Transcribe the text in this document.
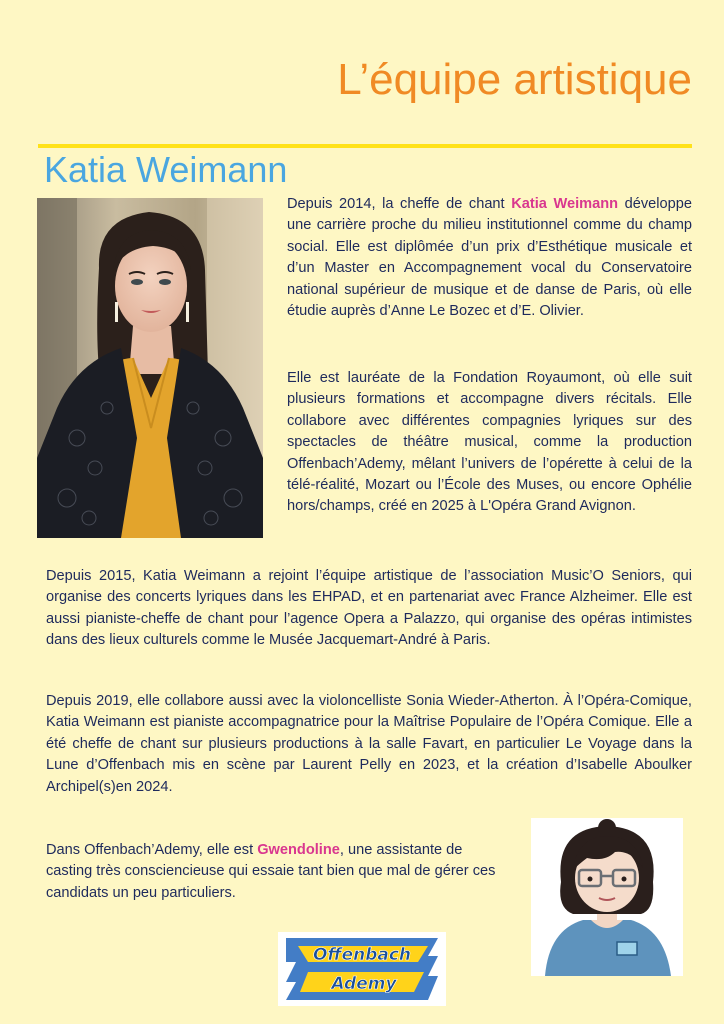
L’équipe artistique
Katia Weimann

Depuis 2014, la cheffe de chant Katia Weimann développe une carrière proche du milieu institutionnel comme du champ social. Elle est diplômée d’un prix d’Esthétique musicale et d’un Master en Accompagnement vocal du Conservatoire national supérieur de musique et de danse de Paris, où elle étudie auprès d’Anne Le Bozec et d’E. Olivier.

Elle est lauréate de la Fondation Royaumont, où elle suit plusieurs formations et accompagne divers récitals. Elle collabore avec différentes compagnies lyriques sur des spectacles de théâtre musical, comme la production Offenbach’Ademy, mêlant l’univers de l’opérette à celui de la télé-réalité, Mozart ou l’École des Muses, ou encore Ophélie hors/champs, créé en 2025 à L'Opéra Grand Avignon.

Depuis 2015, Katia Weimann a rejoint l’équipe artistique de l’association Music’O Seniors, qui organise des concerts lyriques dans les EHPAD, et en partenariat avec France Alzheimer. Elle est aussi pianiste-cheffe de chant pour l’agence Opera a Palazzo, qui organise des opéras intimistes dans des lieux culturels comme le Musée Jacquemart-André à Paris.

Depuis 2019, elle collabore aussi avec la violoncelliste Sonia Wieder-Atherton. À l’Opéra-Comique, Katia Weimann est pianiste accompagnatrice pour la Maîtrise Populaire de l’Opéra Comique. Elle a été cheffe de chant sur plusieurs productions à la salle Favart, en particulier Le Voyage dans la Lune d’Offenbach mis en scène par Laurent Pelly en 2023, et la création d’Isabelle Aboulker Archipel(s)en 2024.

Dans Offenbach’Ademy, elle est Gwendoline, une assistante de casting très consciencieuse qui essaie tant bien que mal de gérer ces candidats un peu particuliers.

Offenbach
Ademy
